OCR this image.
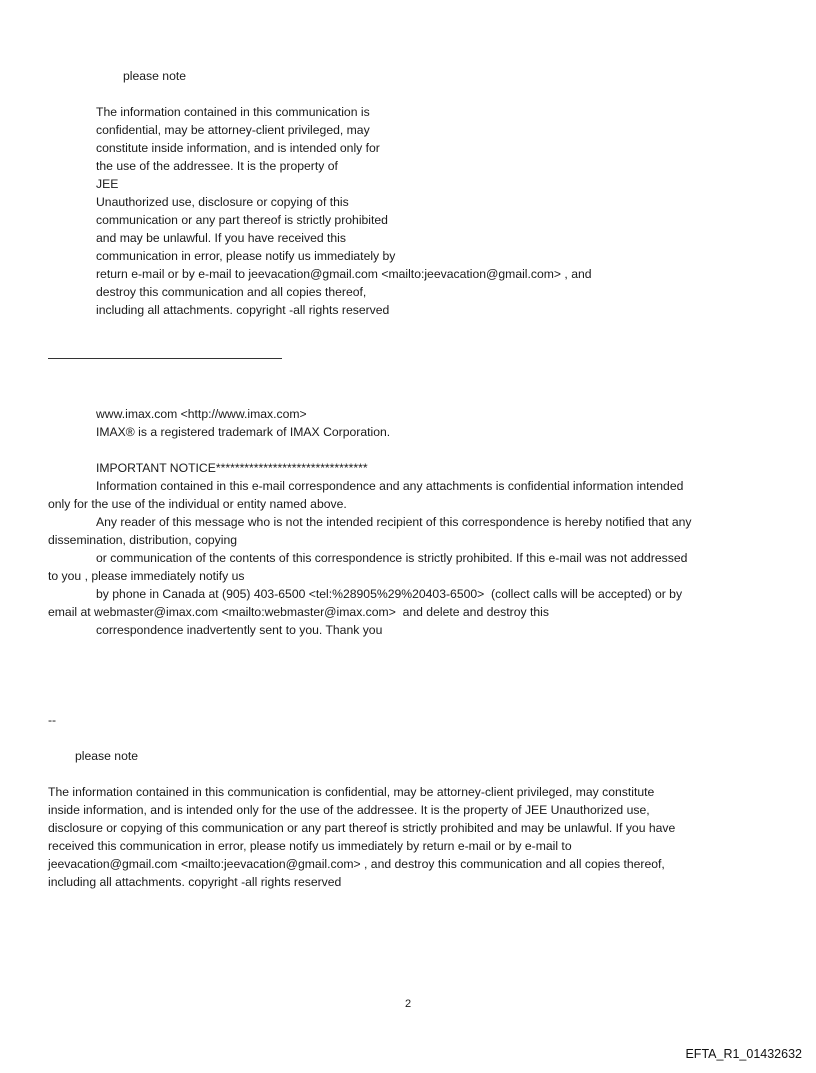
please note
The information contained in this communication is
confidential, may be attorney-client privileged, may
constitute inside information, and is intended only for
the use of the addressee. It is the property of
JEE
Unauthorized use, disclosure or copying of this
communication or any part thereof is strictly prohibited
and may be unlawful. If you have received this
communication in error, please notify us immediately by
return e-mail or by e-mail to jeevacation@gmail.com <mailto:jeevacation@gmail.com> , and
destroy this communication and all copies thereof,
including all attachments. copyright -all rights reserved
www.imax.com <http://www.imax.com>
IMAX® is a registered trademark of IMAX Corporation.
IMPORTANT NOTICE********************************
Information contained in this e-mail correspondence and any attachments is confidential information intended
only for the use of the individual or entity named above.
Any reader of this message who is not the intended recipient of this correspondence is hereby notified that any
dissemination, distribution, copying
or communication of the contents of this correspondence is strictly prohibited. If this e-mail was not addressed
to you , please immediately notify us
by phone in Canada at (905) 403-6500 <tel:%28905%29%20403-6500>  (collect calls will be accepted) or by
email at webmaster@imax.com <mailto:webmaster@imax.com>  and delete and destroy this
correspondence inadvertently sent to you. Thank you
--
please note
The information contained in this communication is confidential, may be attorney-client privileged, may constitute
inside information, and is intended only for the use of the addressee. It is the property of JEE Unauthorized use,
disclosure or copying of this communication or any part thereof is strictly prohibited and may be unlawful. If you have
received this communication in error, please notify us immediately by return e-mail or by e-mail to
jeevacation@gmail.com <mailto:jeevacation@gmail.com> , and destroy this communication and all copies thereof,
including all attachments. copyright -all rights reserved
2
EFTA_R1_01432632
